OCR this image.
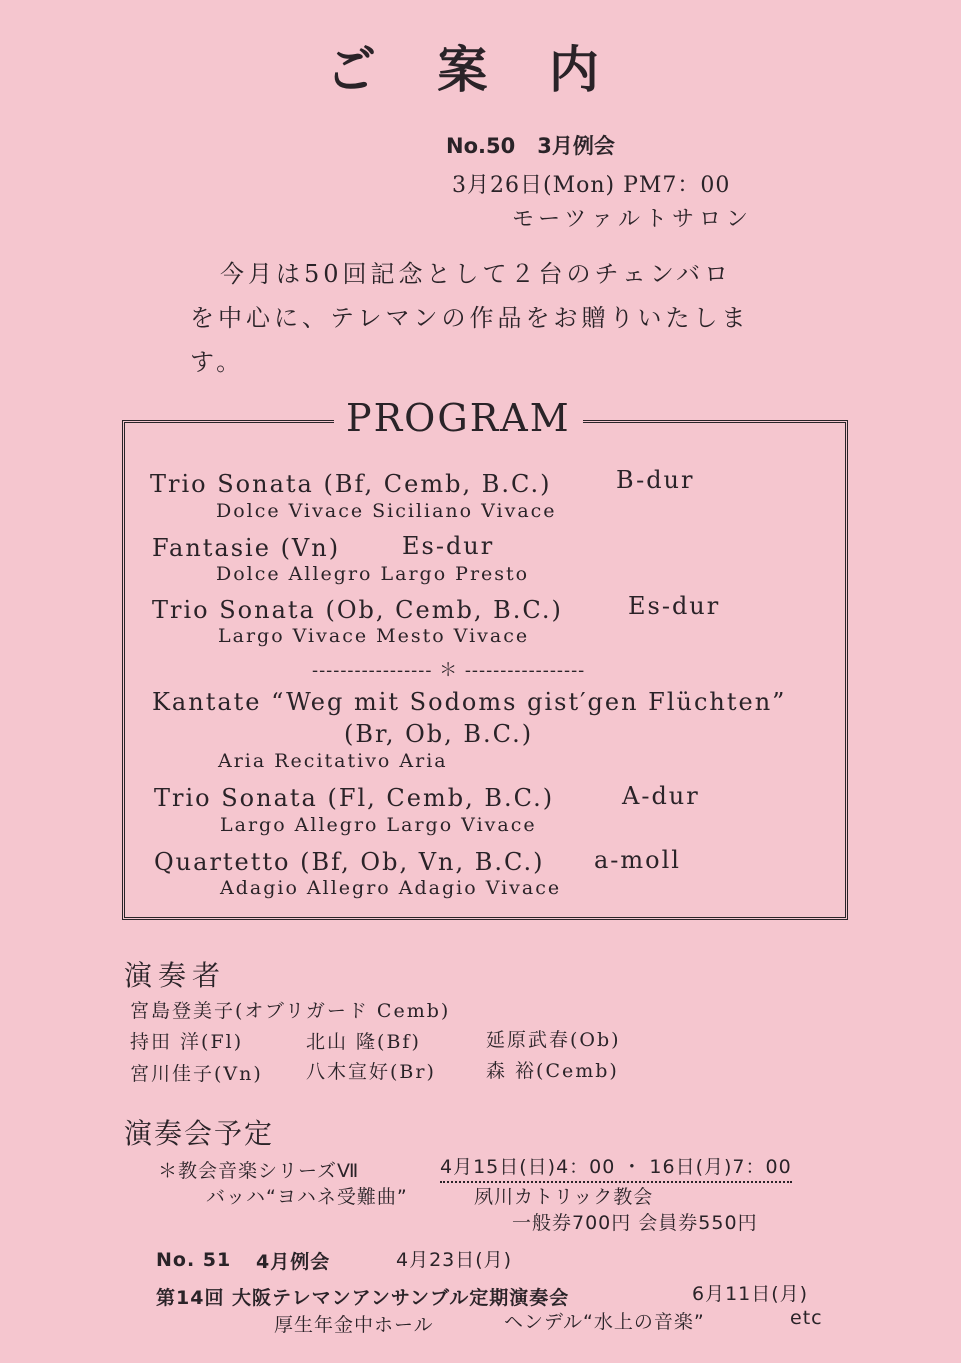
ご 案 内
No.50 3月例会
3月26日(Mon) PM7：00
モーツァルトサロン
今月は50回記念として２台のチェンバロを中心に、テレマンの作品をお贈りいたします。
PROGRAM
Trio Sonata (Bf, Cemb, B.C.)	B-dur
Dolce Vivace Siciliano Vivace
Fantasie (Vn)	Es-dur
Dolce Allegro Largo Presto
Trio Sonata (Ob, Cemb, B.C.)	Es-dur
Largo Vivace Mesto Vivace
----------------- ＊ -----------------
Kantate “Weg mit Sodoms gist′gen Flüchten”
(Br, Ob, B.C.)
Aria Recitativo Aria
Trio Sonata (Fl, Cemb, B.C.)	A-dur
Largo Allegro Largo Vivace
Quartetto (Bf, Ob, Vn, B.C.) a-moll
Adagio Allegro Adagio Vivace
演奏者
宮島登美子(オブリガード Cemb)
持田 洋(Fl)	北山 隆(Bf)	延原武春(Ob)
宮川佳子(Vn) 八木宣好(Br)	森 裕(Cemb)
演奏会予定
＊教会音楽シリーズⅦ	4月15日(日)4：00 ・ 16日(月)7：00
バッハ“ヨハネ受難曲”	夙川カトリック教会
一般券700円 会員券550円
No. 51 4月例会	4月23日(月)
第14回 大阪テレマンアンサンブル定期演奏会	6月11日(月)
厚生年金中ホール	ヘンデル“水上の音楽”	etc
